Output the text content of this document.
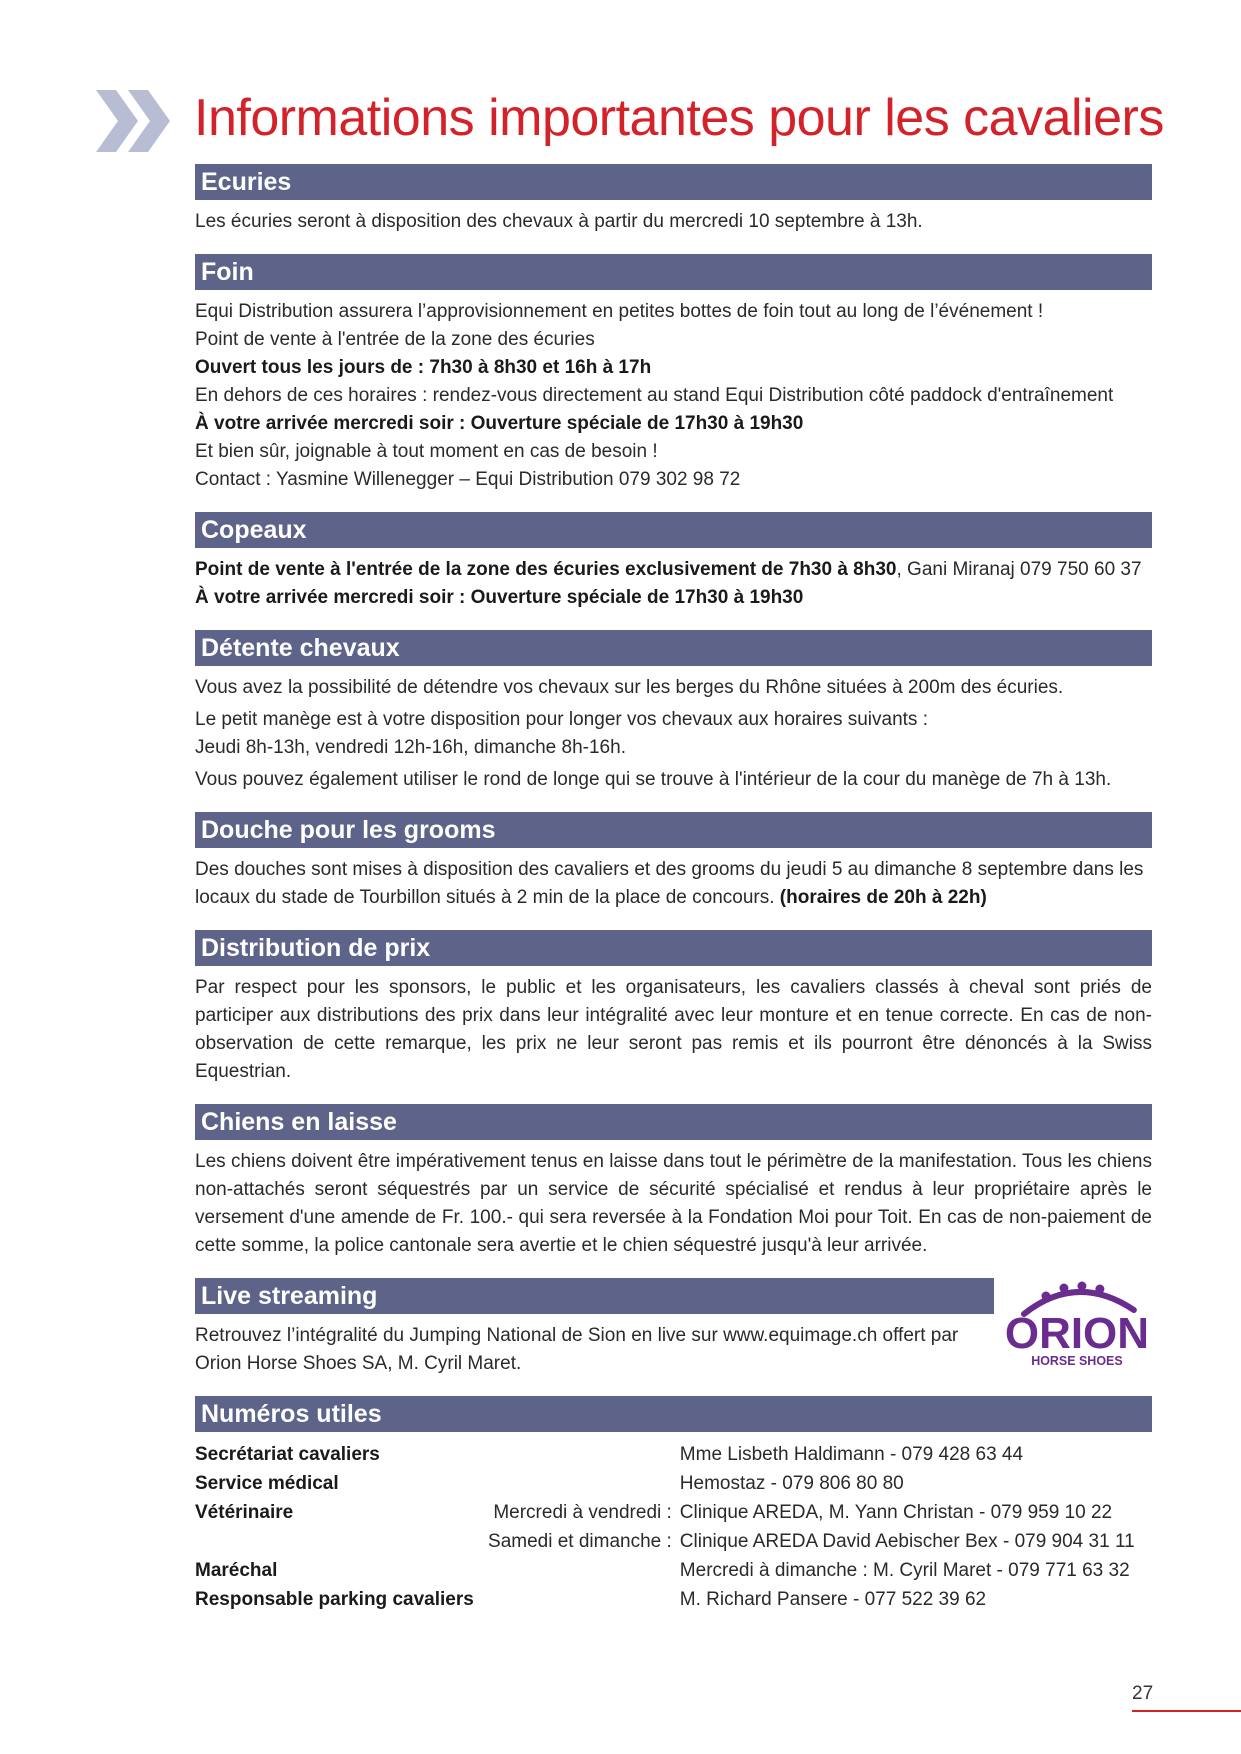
Informations importantes pour les cavaliers
Ecuries

Les écuries seront à disposition des chevaux à partir du mercredi 10 septembre à 13h.

Foin

Equi Distribution assurera l’approvisionnement en petites bottes de foin tout au long de l’événement !

Point de vente à l'entrée de la zone des écuries

Ouvert tous les jours de : 7h30 à 8h30 et 16h à 17h

En dehors de ces horaires : rendez-vous directement au stand Equi Distribution côté paddock d'entraînement

À votre arrivée mercredi soir : Ouverture spéciale de 17h30 à 19h30

Et bien sûr, joignable à tout moment en cas de besoin !

Contact : Yasmine Willenegger – Equi Distribution 079 302 98 72

Copeaux

Point de vente à l'entrée de la zone des écuries exclusivement de 7h30 à 8h30, Gani Miranaj 079 750 60 37

À votre arrivée mercredi soir : Ouverture spéciale de 17h30 à 19h30

Détente chevaux

Vous avez la possibilité de détendre vos chevaux sur les berges du Rhône situées à 200m des écuries.

Le petit manège est à votre disposition pour longer vos chevaux aux horaires suivants :

Jeudi 8h-13h, vendredi 12h-16h, dimanche 8h-16h.

Vous pouvez également utiliser le rond de longe qui se trouve à l'intérieur de la cour du manège de 7h à 13h.

Douche pour les grooms

Des douches sont mises à disposition des cavaliers et des grooms du jeudi 5 au dimanche 8 septembre dans les locaux du stade de Tourbillon situés à 2 min de la place de concours. (horaires de 20h à 22h)

Distribution de prix

Par respect pour les sponsors, le public et les organisateurs, les cavaliers classés à cheval sont priés de participer aux distributions des prix dans leur intégralité avec leur monture et en tenue correcte. En cas de non-observation de cette remarque, les prix ne leur seront pas remis et ils pourront être dénoncés à la Swiss Equestrian.

Chiens en laisse

Les chiens doivent être impérativement tenus en laisse dans tout le périmètre de la manifestation. Tous les chiens non-attachés seront séquestrés par un service de sécurité spécialisé et rendus à leur propriétaire après le versement d'une amende de Fr. 100.- qui sera reversée à la Fondation Moi pour Toit. En cas de non-paiement de cette somme, la police cantonale sera avertie et le chien séquestré jusqu'à leur arrivée.

Live streaming

Retrouvez l’intégralité du Jumping National de Sion en live sur www.equimage.ch offert par Orion Horse Shoes SA, M. Cyril Maret.

ORION
HORSE SHOES
Numéros utiles
Secrétariat cavaliers		Mme Lisbeth Haldimann - 079 428 63 44
Service médical		Hemostaz - 079 806 80 80
Vétérinaire	Mercredi à vendredi :	Clinique AREDA, M. Yann Christan - 079 959 10 22
	Samedi et dimanche :	Clinique AREDA David Aebischer Bex - 079 904 31 11
Maréchal		Mercredi à dimanche : M. Cyril Maret - 079 771 63 32
Responsable parking cavaliers		M. Richard Pansere - 077 522 39 62
27
